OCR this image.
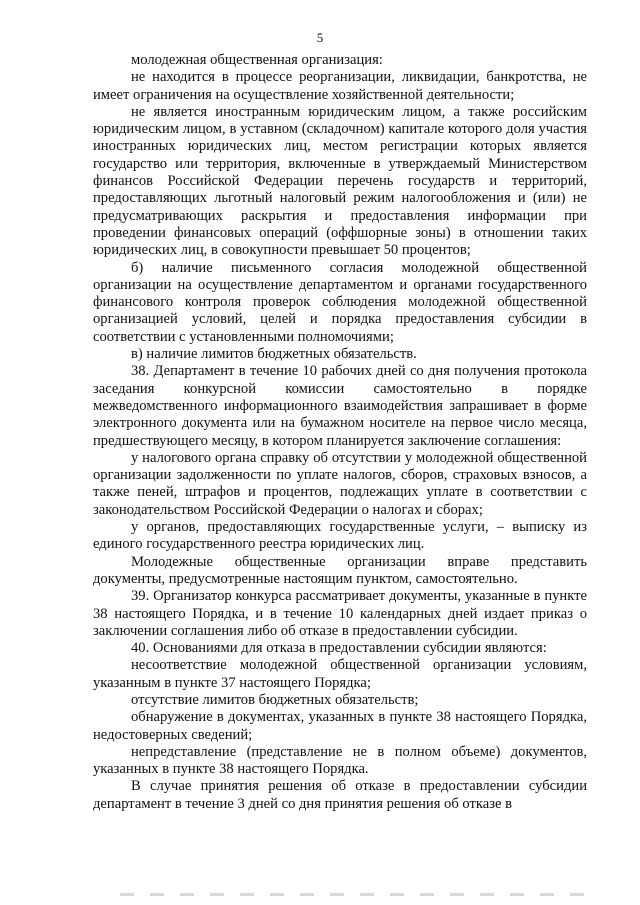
5

молодежная общественная организация:

не находится в процессе реорганизации, ликвидации, банкротства, не имеет ограничения на осуществление хозяйственной деятельности;

не является иностранным юридическим лицом, а также российским юридическим лицом, в уставном (складочном) капитале которого доля участия иностранных юридических лиц, местом регистрации которых является государство или территория, включенные в утверждаемый Министерством финансов Российской Федерации перечень государств и территорий, предоставляющих льготный налоговый режим налогообложения и (или) не предусматривающих раскрытия и предоставления информации при проведении финансовых операций (оффшорные зоны) в отношении таких юридических лиц, в совокупности превышает 50 процентов;

б) наличие письменного согласия молодежной общественной организации на осуществление департаментом и органами государственного финансового контроля проверок соблюдения молодежной общественной организацией условий, целей и порядка предоставления субсидии в соответствии с установленными полномочиями;

в) наличие лимитов бюджетных обязательств.

38. Департамент в течение 10 рабочих дней со дня получения протокола заседания конкурсной комиссии самостоятельно в порядке межведомственного информационного взаимодействия запрашивает в форме электронного документа или на бумажном носителе на первое число месяца, предшествующего месяцу, в котором планируется заключение соглашения:

у налогового органа справку об отсутствии у молодежной общественной организации задолженности по уплате налогов, сборов, страховых взносов, а также пеней, штрафов и процентов, подлежащих уплате в соответствии с законодательством Российской Федерации о налогах и сборах;

у органов, предоставляющих государственные услуги, – выписку из единого государственного реестра юридических лиц.

Молодежные общественные организации вправе представить документы, предусмотренные настоящим пунктом, самостоятельно.

39. Организатор конкурса рассматривает документы, указанные в пункте 38 настоящего Порядка, и в течение 10 календарных дней издает приказ о заключении соглашения либо об отказе в предоставлении субсидии.

40. Основаниями для отказа в предоставлении субсидии являются:

несоответствие молодежной общественной организации условиям, указанным в пункте 37 настоящего Порядка;

отсутствие лимитов бюджетных обязательств;

обнаружение в документах, указанных в пункте 38 настоящего Порядка, недостоверных сведений;

непредставление (представление не в полном объеме) документов, указанных в пункте 38 настоящего Порядка.

В случае принятия решения об отказе в предоставлении субсидии департамент в течение 3 дней со дня принятия решения об отказе в
